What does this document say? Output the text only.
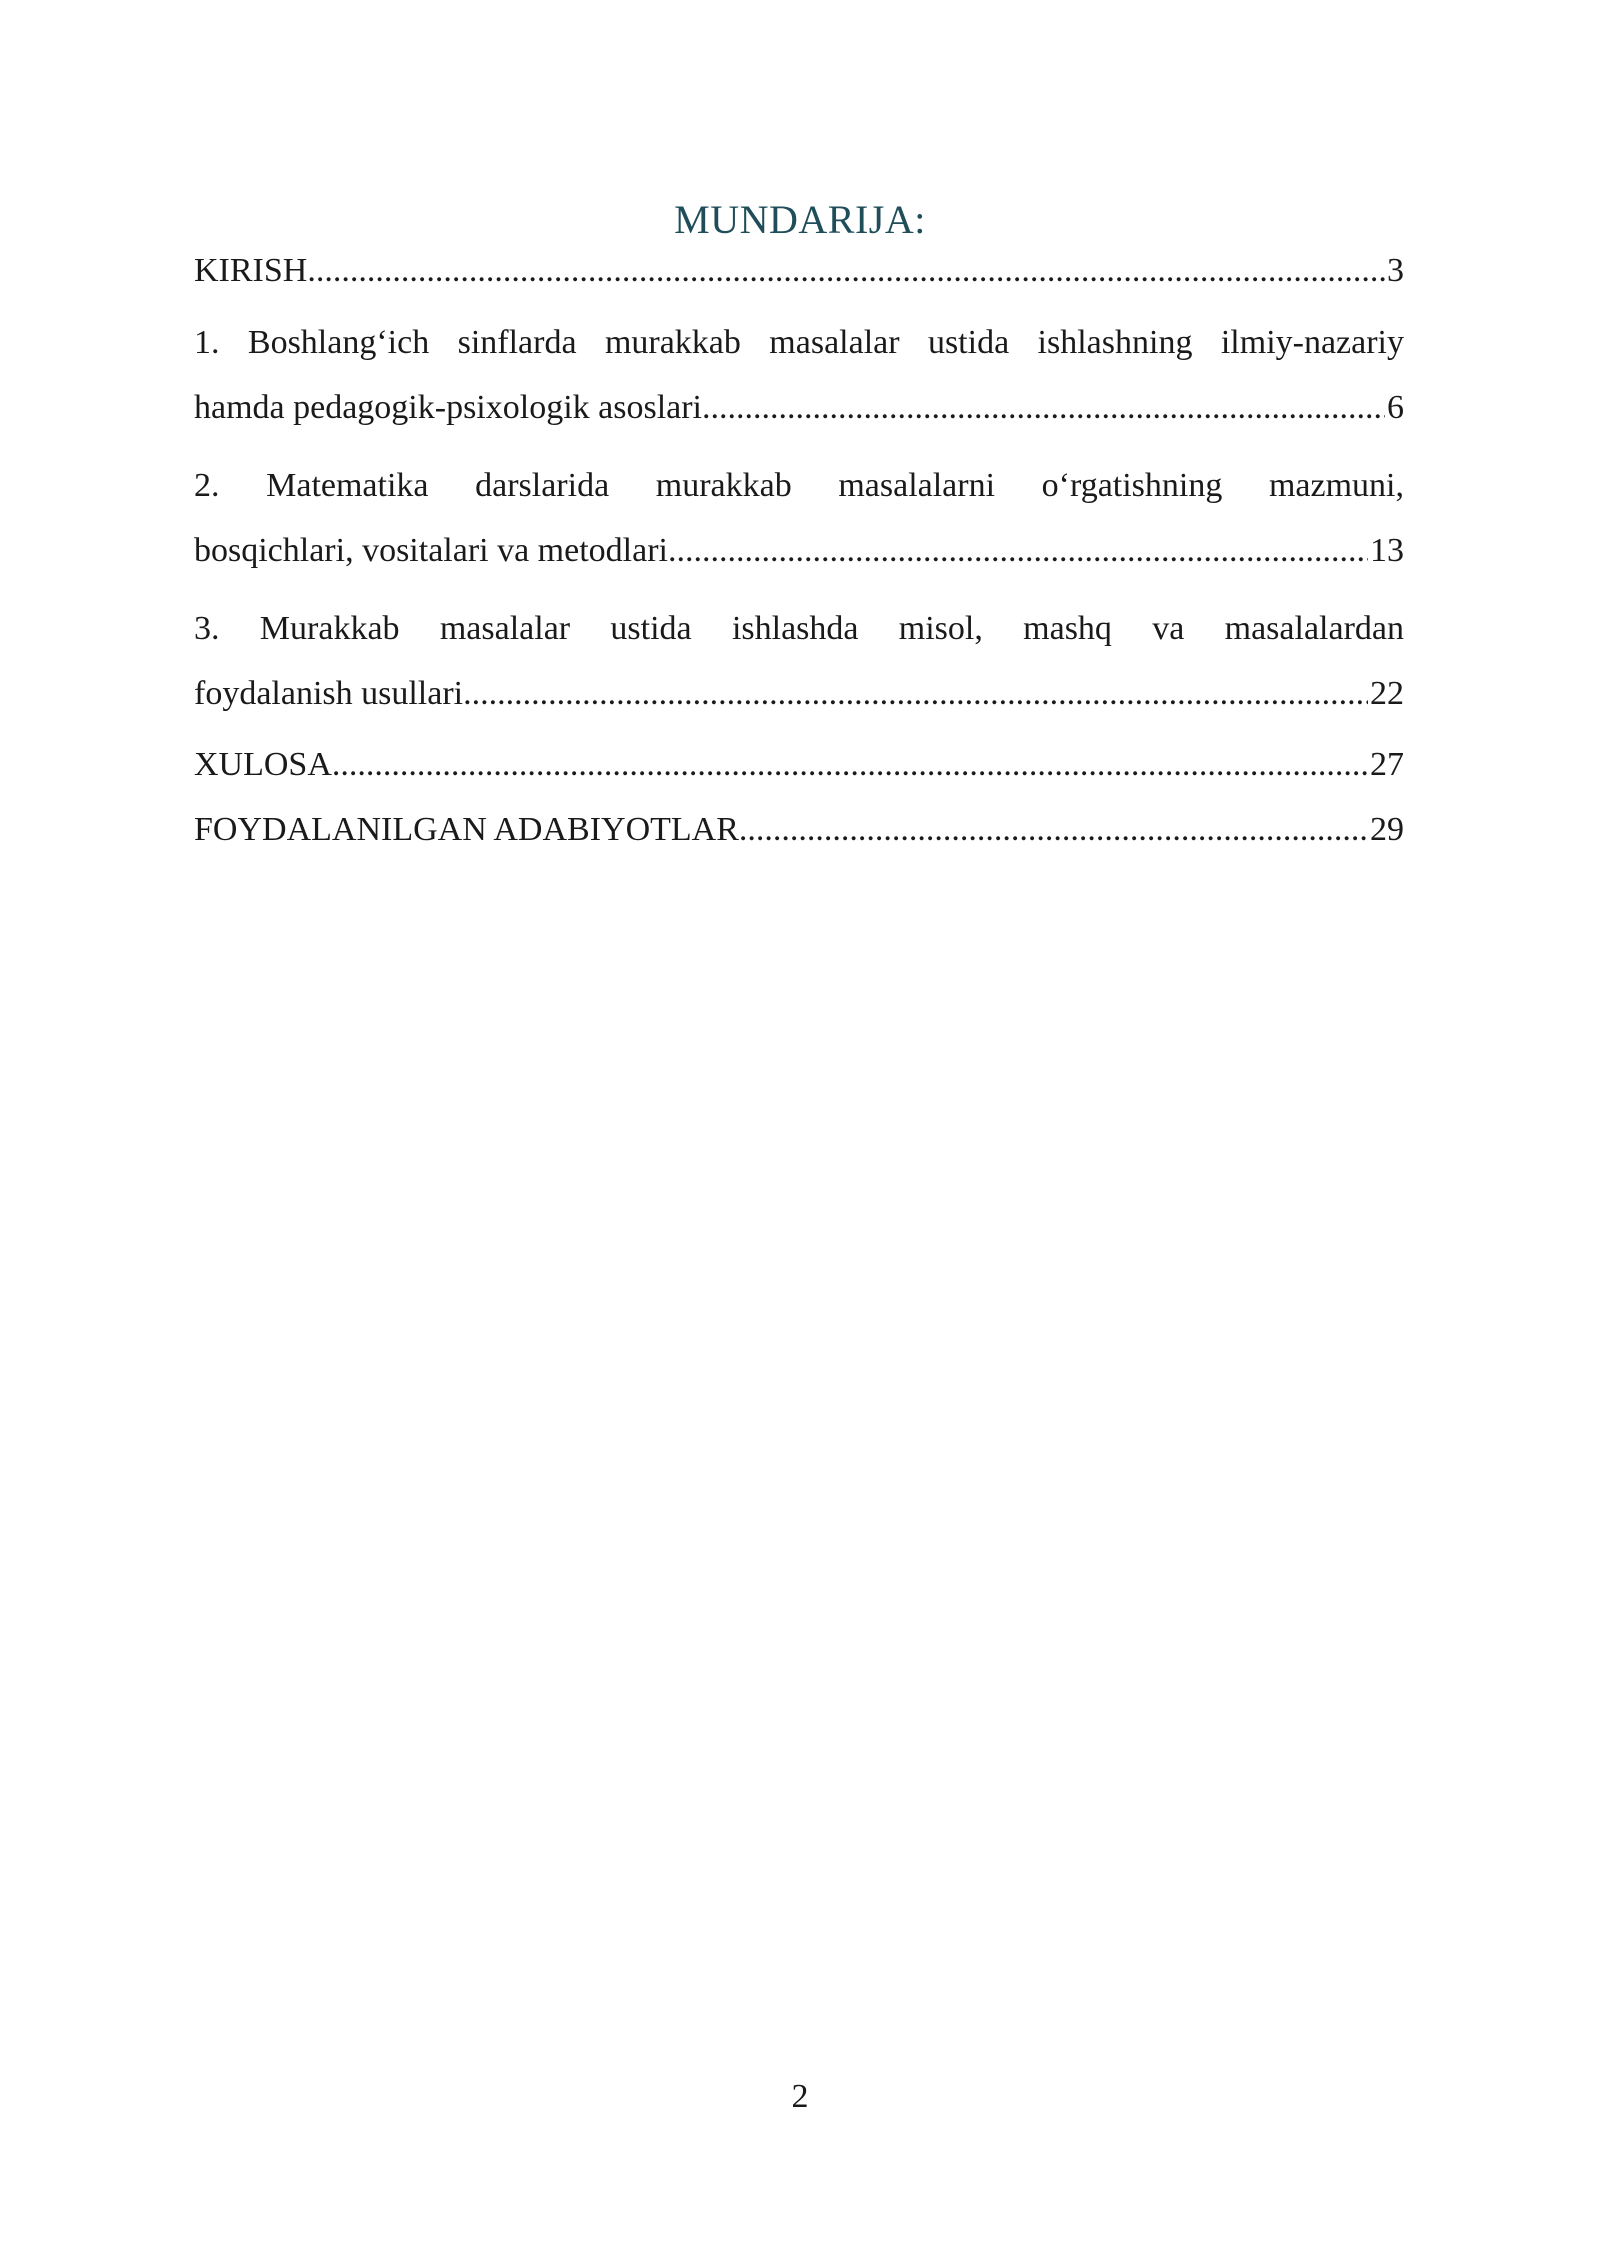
MUNDARIJA:
KIRISH .....	3
1. Boshlang‘ich sinflarda murakkab masalalar ustida ishlashning ilmiy-nazariy
hamda pedagogik-psixologik asoslari .....	6
2. Matematika darslarida murakkab masalalarni o‘rgatishning mazmuni,
bosqichlari, vositalari va metodlari .....	13
3. Murakkab masalalar ustida ishlashda misol, mashq va masalalardan
foydalanish usullari .....	22
XULOSA .....	27
FOYDALANILGAN ADABIYOTLAR .....	29
2
